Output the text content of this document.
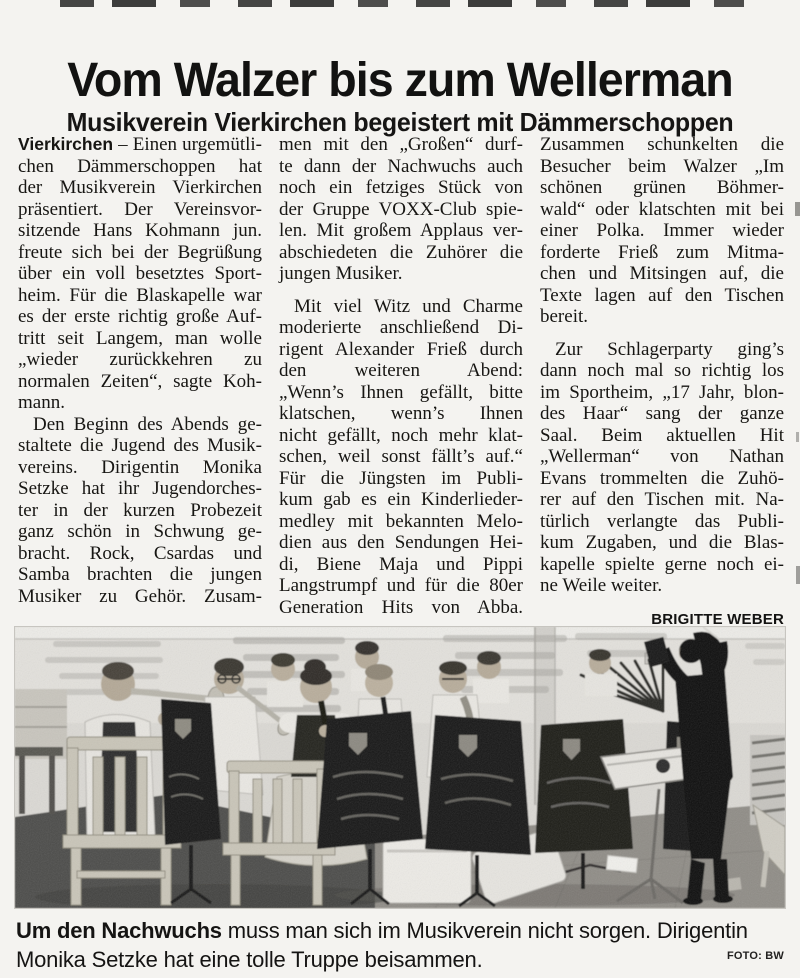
Vom Walzer bis zum Wellerman
Musikverein Vierkirchen begeistert mit Dämmerschoppen
Vierkirchen – Einen urgemütli-
chen Dämmerschoppen hat
der Musikverein Vierkirchen
präsentiert. Der Vereinsvor-
sitzende Hans Kohmann jun.
freute sich bei der Begrüßung
über ein voll besetztes Sport-
heim. Für die Blaskapelle war
es der erste richtig große Auf-
tritt seit Langem, man wolle
„wieder zurückkehren zu
normalen Zeiten“, sagte Koh-
mann.
Den Beginn des Abends ge-
staltete die Jugend des Musik-
vereins. Dirigentin Monika
Setzke hat ihr Jugendorches-
ter in der kurzen Probezeit
ganz schön in Schwung ge-
bracht. Rock, Csardas und
Samba brachten die jungen
Musiker zu Gehör. Zusam-
men mit den „Großen“ durf-
te dann der Nachwuchs auch
noch ein fetziges Stück von
der Gruppe VOXX-Club spie-
len. Mit großem Applaus ver-
abschiedeten die Zuhörer die
jungen Musiker.
Mit viel Witz und Charme
moderierte anschließend Di-
rigent Alexander Frieß durch
den weiteren Abend:
„Wenn’s Ihnen gefällt, bitte
klatschen, wenn’s Ihnen
nicht gefällt, noch mehr klat-
schen, weil sonst fällt’s auf.“
Für die Jüngsten im Publi-
kum gab es ein Kinderlieder-
medley mit bekannten Melo-
dien aus den Sendungen Hei-
di, Biene Maja und Pippi
Langstrumpf und für die 80er
Generation Hits von Abba.
Zusammen schunkelten die
Besucher beim Walzer „Im
schönen grünen Böhmer-
wald“ oder klatschten mit bei
einer Polka. Immer wieder
forderte Frieß zum Mitma-
chen und Mitsingen auf, die
Texte lagen auf den Tischen
bereit.
Zur Schlagerparty ging’s
dann noch mal so richtig los
im Sportheim, „17 Jahr, blon-
des Haar“ sang der ganze
Saal. Beim aktuellen Hit
„Wellerman“ von Nathan
Evans trommelten die Zuhö-
rer auf den Tischen mit. Na-
türlich verlangte das Publi-
kum Zugaben, und die Blas-
kapelle spielte gerne noch ei-
ne Weile weiter.
BRIGITTE WEBER
Um den Nachwuchs muss man sich im Musikverein nicht sorgen. Dirigentin Monika Setzke hat eine tolle Truppe beisammen.	FOTO: BW
